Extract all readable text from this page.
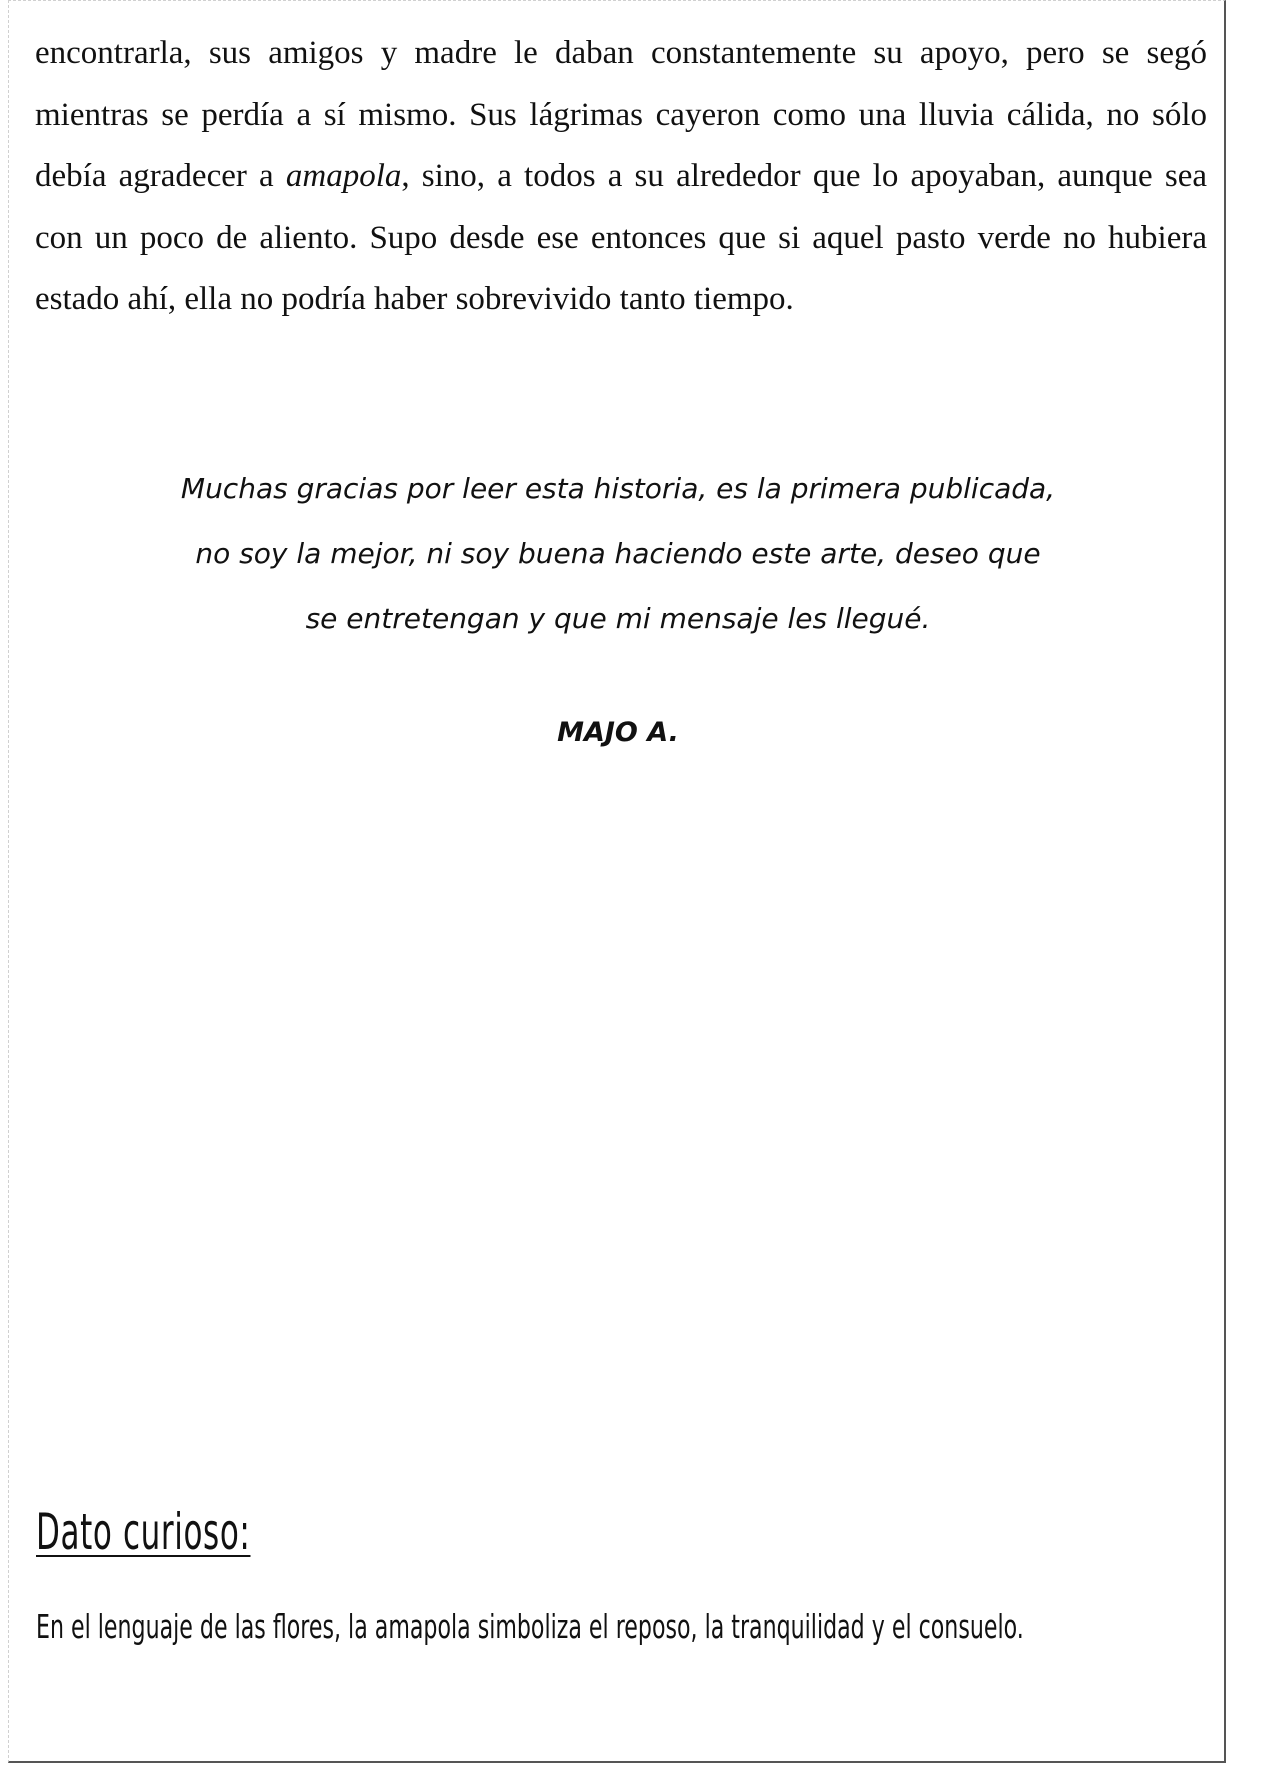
encontrarla, sus amigos y madre le daban constantemente su apoyo, pero se segó mientras se perdía a sí mismo. Sus lágrimas cayeron como una lluvia cálida, no sólo debía agradecer a amapola, sino, a todos a su alrededor que lo apoyaban, aunque sea con un poco de aliento. Supo desde ese entonces que si aquel pasto verde no hubiera estado ahí, ella no podría haber sobrevivido tanto tiempo.

Muchas gracias por leer esta historia, es la primera publicada,
no soy la mejor, ni soy buena haciendo este arte, deseo que
se entretengan y que mi mensaje les llegué.
MAJO A.
Dato curioso:
En el lenguaje de las flores, la amapola simboliza el reposo, la tranquilidad y el consuelo.
